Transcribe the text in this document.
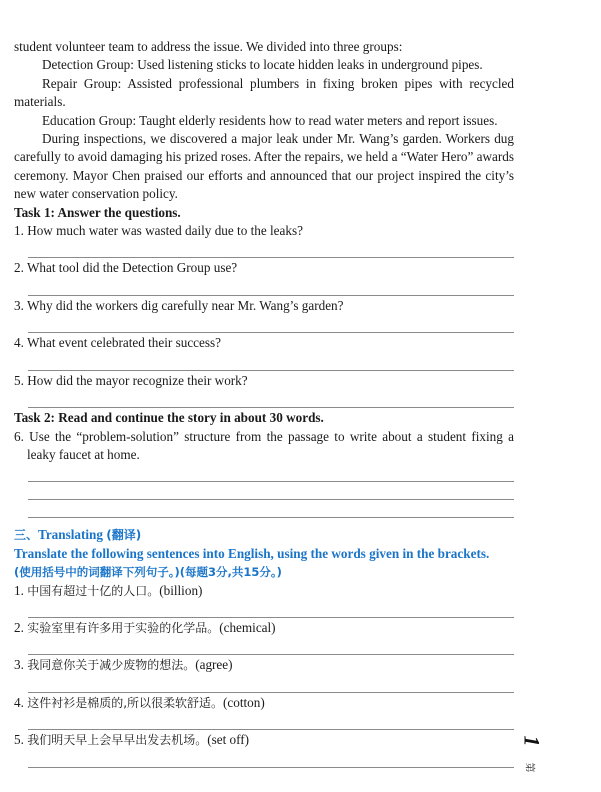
student volunteer team to address the issue. We divided into three groups:

Detection Group: Used listening sticks to locate hidden leaks in underground pipes.

Repair Group: Assisted professional plumbers in fixing broken pipes with recycled materials.

Education Group: Taught elderly residents how to read water meters and report issues.

During inspections, we discovered a major leak under Mr. Wang’s garden. Workers dug carefully to avoid damaging his prized roses. After the repairs, we held a “Water Hero” awards ceremony. Mayor Chen praised our efforts and announced that our project inspired the city’s new water conservation policy.

Task 1: Answer the questions.

1. How much water was wasted daily due to the leaks?

2. What tool did the Detection Group use?

3. Why did the workers dig carefully near Mr. Wang’s garden?

4. What event celebrated their success?

5. How did the mayor recognize their work?

Task 2: Read and continue the story in about 30 words.

6. Use the “problem-solution” structure from the passage to write about a student fixing a leaky faucet at home.

三、Translating (翻译)

Translate the following sentences into English, using the words given in the brackets.

(使用括号中的词翻译下列句子。)(每题3分,共15分。)

1. 中国有超过十亿的人口。(billion)

2. 实验室里有许多用于实验的化学品。(chemical)

3. 我同意你关于减少废物的想法。(agree)

4. 这件衬衫是棉质的,所以很柔软舒适。(cotton)

5. 我们明天早上会早早出发去机场。(set off)	1
第
